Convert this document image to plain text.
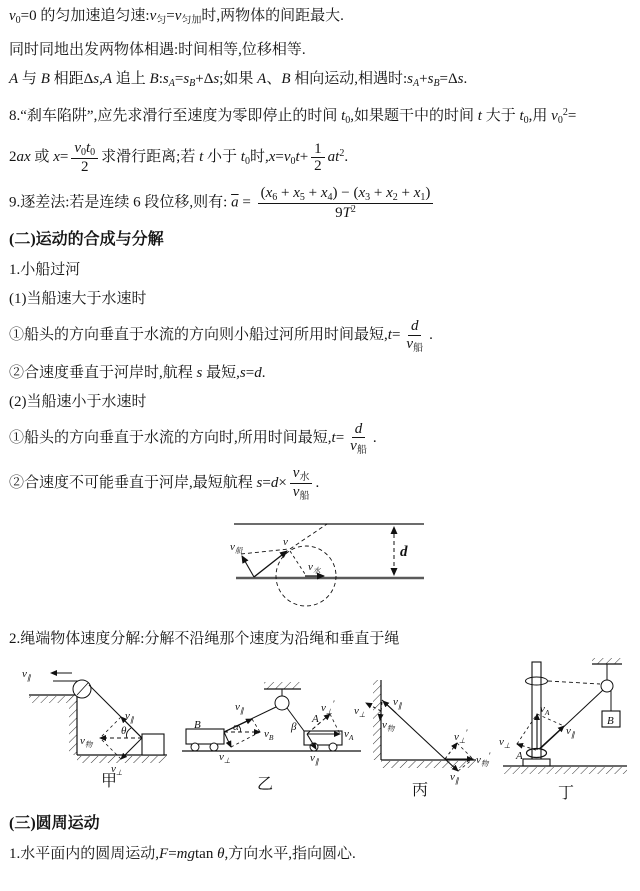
$v_0=0$ 的匀加速追匀速$:v_匀=v_{匀加}$时,两物体的间距最大.

同时同地出发两物体相遇:时间相等,位移相等.

A 与 B 相距Δs,A 追上 $B:s_A=s_B+\Delta s$;如果 A、B 相向运动,相遇时$:s_A+s_B=\Delta s$.

8.“刹车陷阱”,应先求滑行至速度为零即停止的时间 $t_0$,如果题干中的时间 t 大于 $t_0$,用 $v_0^2=$

2ax 或 $x= \frac{v_0t_0}{2}$ 求滑行距离;若 t 小于 $t_0$时$,x=v_0t+ \frac{1}{2} at^2$.

9.逐差法:若是连续 6 段位移,则有: $\overline{a} = \frac{(x_6 + x_5 + x_4) - (x_3 + x_2 + x_1)}{9T^2}$

(二)运动的合成与分解

1.小船过河

(1)当船速大于水速时

①船头的方向垂直于水流的方向则小船过河所用时间最短$,t= \frac{d}{v_船}$ .

②合速度垂直于河岸时,航程 s 最短,s=d.

(2)当船速小于水速时

①船头的方向垂直于水流的方向时,所用时间最短$,t= \frac{d}{v_船}$ .

②合速度不可能垂直于河岸,最短航程 $s=d\times \frac{v_水}{v_船}$ .

$v_船$
v
$v_水$
d

2.绳端物体速度分解:分解不沿绳那个速度为沿绳和垂直于绳

$v_\parallel$
$v_\parallel$
θ
$v_物$
$v_\perp$
甲
B	α
$v_\parallel$
$v_B$
$v_\perp$
β
A
$v_\perp'$
$v_A$
$v_\parallel$
乙
$v_\parallel$
$v_\perp$
$v_物$
$v_\perp'$
$v_物'$
$v_\parallel$
丙
$v_A$
$v_\parallel$
$v_\perp$
A
B
丁

(三)圆周运动

1.水平面内的圆周运动,F=mgtan θ,方向水平,指向圆心.
